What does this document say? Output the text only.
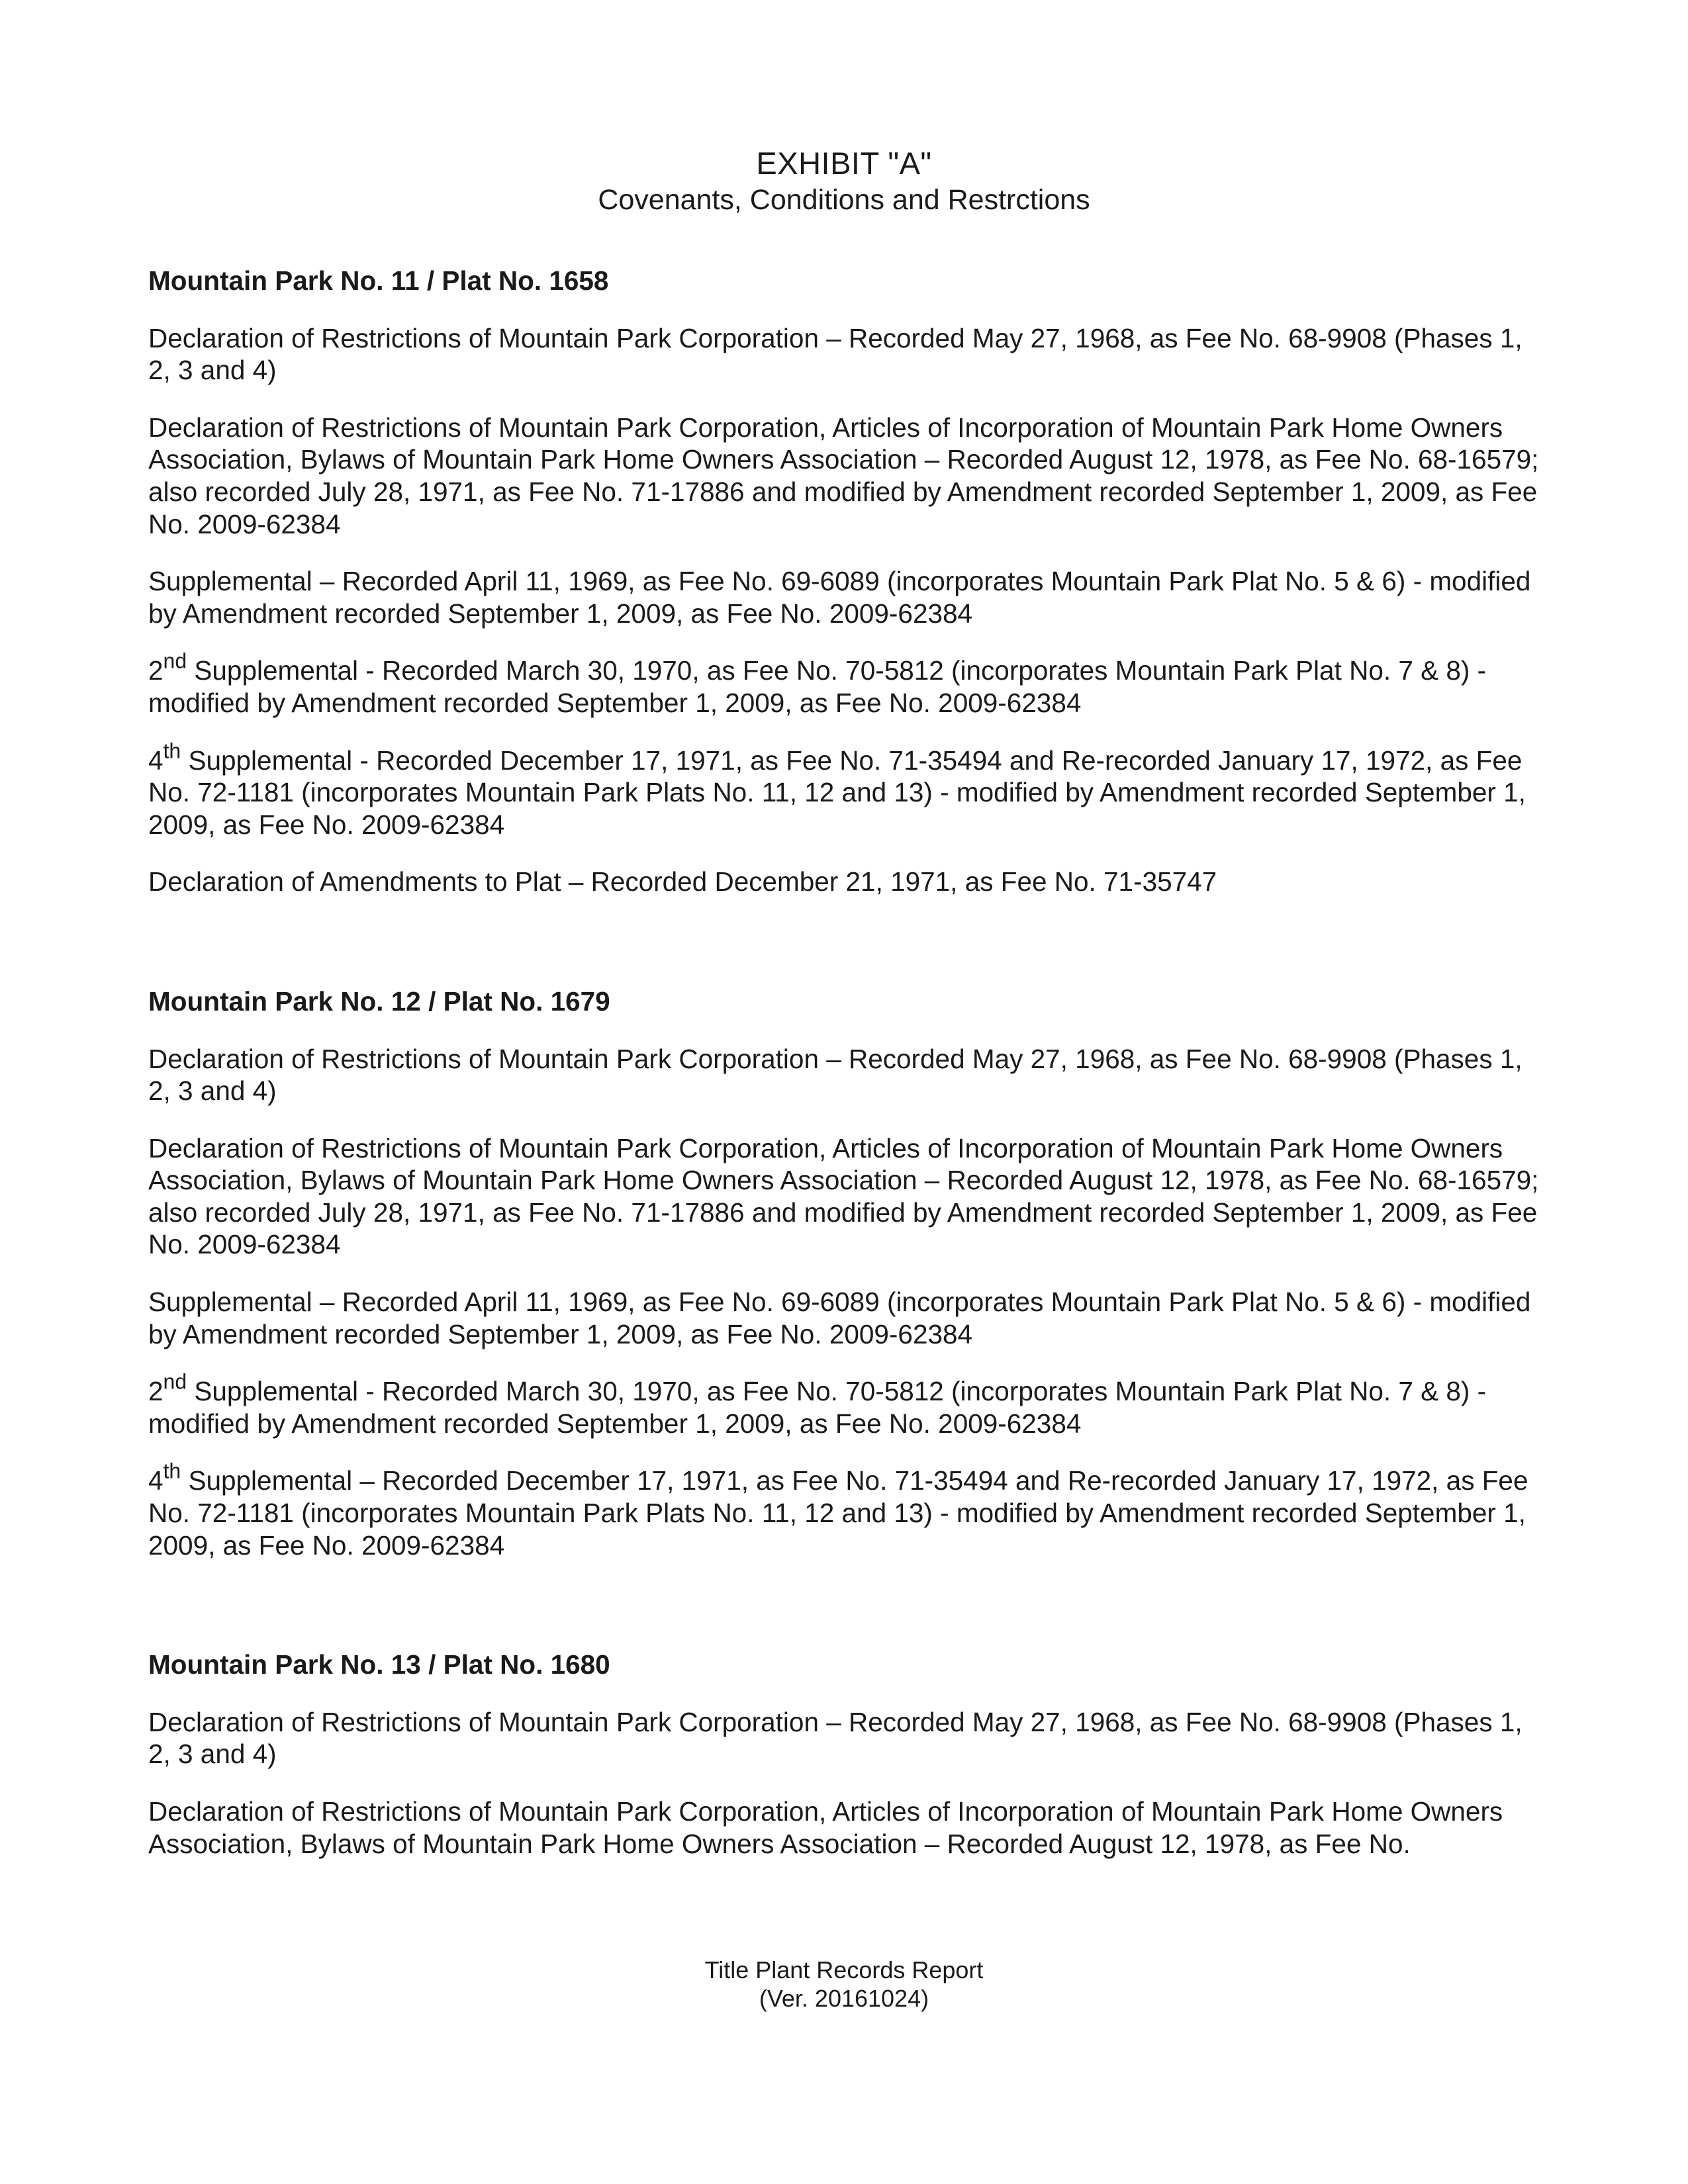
EXHIBIT "A"
Covenants, Conditions and Restrctions
Mountain Park No. 11 / Plat No. 1658
Declaration of Restrictions of Mountain Park Corporation – Recorded May 27, 1968, as Fee No. 68-9908 (Phases 1, 2, 3 and 4)
Declaration of Restrictions of Mountain Park Corporation, Articles of Incorporation of Mountain Park Home Owners Association, Bylaws of Mountain Park Home Owners Association – Recorded August 12, 1978, as Fee No. 68-16579; also recorded July 28, 1971, as Fee No. 71-17886 and modified by Amendment recorded September 1, 2009, as Fee No. 2009-62384
Supplemental – Recorded April 11, 1969, as Fee No. 69-6089 (incorporates Mountain Park Plat No. 5 & 6) - modified by Amendment recorded September 1, 2009, as Fee No. 2009-62384
2nd Supplemental - Recorded March 30, 1970, as Fee No. 70-5812 (incorporates Mountain Park Plat No. 7 & 8) - modified by Amendment recorded September 1, 2009, as Fee No. 2009-62384
4th Supplemental - Recorded December 17, 1971, as Fee No. 71-35494 and Re-recorded January 17, 1972, as Fee No. 72-1181 (incorporates Mountain Park Plats No. 11, 12 and 13) - modified by Amendment recorded September 1, 2009, as Fee No. 2009-62384
Declaration of Amendments to Plat – Recorded December 21, 1971, as Fee No. 71-35747
Mountain Park No. 12 / Plat No. 1679
Declaration of Restrictions of Mountain Park Corporation – Recorded May 27, 1968, as Fee No. 68-9908 (Phases 1, 2, 3 and 4)
Declaration of Restrictions of Mountain Park Corporation, Articles of Incorporation of Mountain Park Home Owners Association, Bylaws of Mountain Park Home Owners Association – Recorded August 12, 1978, as Fee No. 68-16579; also recorded July 28, 1971, as Fee No. 71-17886 and modified by Amendment recorded September 1, 2009, as Fee No. 2009-62384
Supplemental – Recorded April 11, 1969, as Fee No. 69-6089 (incorporates Mountain Park Plat No. 5 & 6) - modified by Amendment recorded September 1, 2009, as Fee No. 2009-62384
2nd Supplemental - Recorded March 30, 1970, as Fee No. 70-5812 (incorporates Mountain Park Plat No. 7 & 8) - modified by Amendment recorded September 1, 2009, as Fee No. 2009-62384
4th Supplemental – Recorded December 17, 1971, as Fee No. 71-35494 and Re-recorded January 17, 1972, as Fee No. 72-1181 (incorporates Mountain Park Plats No. 11, 12 and 13) - modified by Amendment recorded September 1, 2009, as Fee No. 2009-62384
Mountain Park No. 13 / Plat No. 1680
Declaration of Restrictions of Mountain Park Corporation – Recorded May 27, 1968, as Fee No. 68-9908 (Phases 1, 2, 3 and 4)
Declaration of Restrictions of Mountain Park Corporation, Articles of Incorporation of Mountain Park Home Owners Association, Bylaws of Mountain Park Home Owners Association – Recorded August 12, 1978, as Fee No.
Title Plant Records Report
(Ver. 20161024)
